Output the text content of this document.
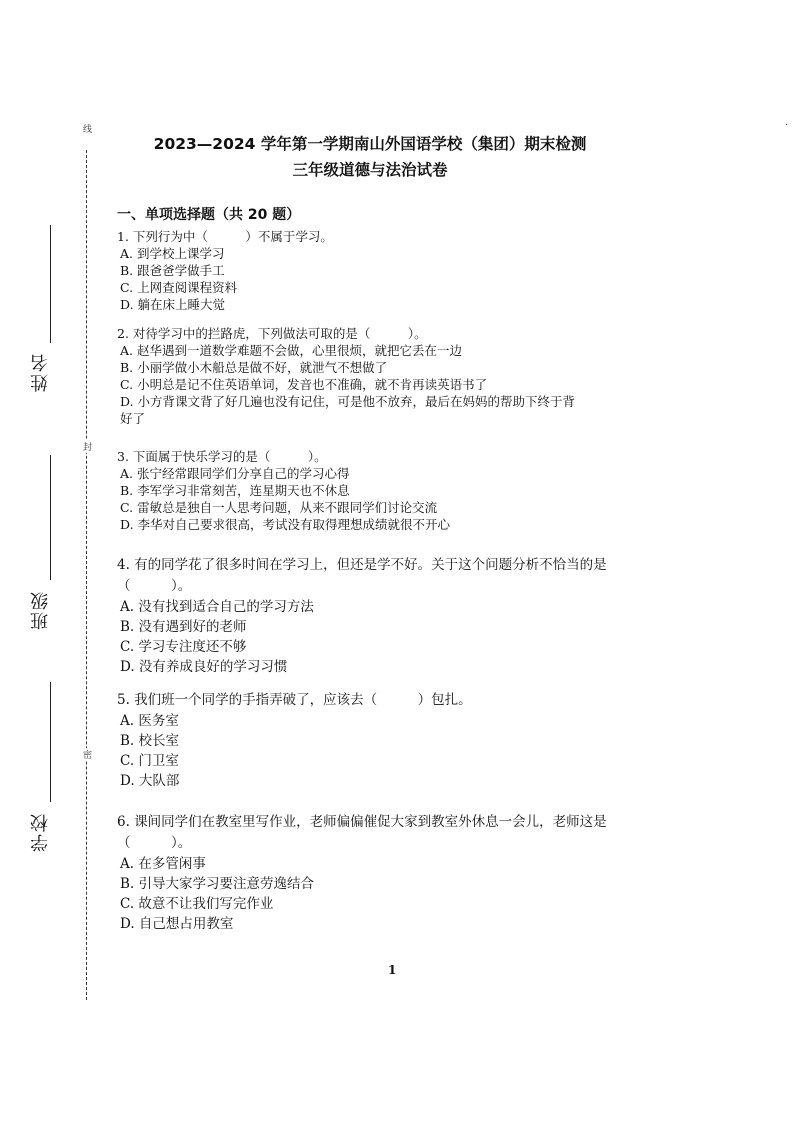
线
封
密
姓名
班级
学校
·
2023—2024 学年第一学期南山外国语学校（集团）期末检测
三年级道德与法治试卷
一、单项选择题（共 20 题）
1. 下列行为中（　　　）不属于学习。
A. 到学校上课学习
B. 跟爸爸学做手工
C. 上网查阅课程资料
D. 躺在床上睡大觉
2. 对待学习中的拦路虎，下列做法可取的是（　　　）。
A. 赵华遇到一道数学难题不会做，心里很烦，就把它丢在一边
B. 小丽学做小木船总是做不好，就泄气不想做了
C. 小明总是记不住英语单词，发音也不准确，就不肯再读英语书了
D. 小方背课文背了好几遍也没有记住，可是他不放弃，最后在妈妈的帮助下终于背
好了
3. 下面属于快乐学习的是（　　　）。
A. 张宁经常跟同学们分享自己的学习心得
B. 李军学习非常刻苦，连星期天也不休息
C. 雷敏总是独自一人思考问题，从来不跟同学们讨论交流
D. 李华对自己要求很高，考试没有取得理想成绩就很不开心
4. 有的同学花了很多时间在学习上，但还是学不好。关于这个问题分析不恰当的是
（　　　）。
A. 没有找到适合自己的学习方法
B. 没有遇到好的老师
C. 学习专注度还不够
D. 没有养成良好的学习习惯
5. 我们班一个同学的手指弄破了，应该去（　　　）包扎。
A. 医务室
B. 校长室
C. 门卫室
D. 大队部
6. 课间同学们在教室里写作业，老师偏偏催促大家到教室外休息一会儿，老师这是
（　　　）。
A. 在多管闲事
B. 引导大家学习要注意劳逸结合
C. 故意不让我们写完作业
D. 自己想占用教室
1
